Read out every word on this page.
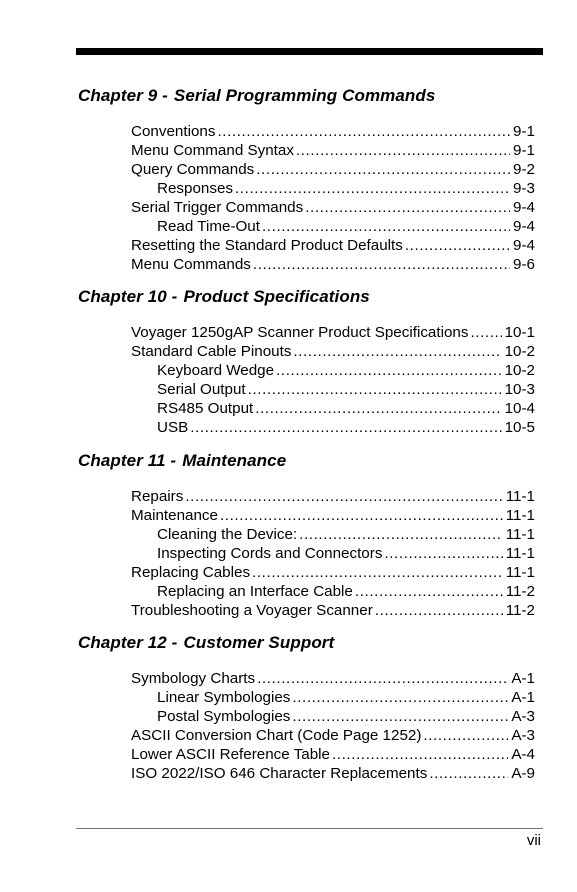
Chapter 9 - Serial Programming Commands
Conventions .....	9-1
Menu Command Syntax .....	9-1
Query Commands .....	9-2
Responses .....	9-3
Serial Trigger Commands .....	9-4
Read Time-Out .....	9-4
Resetting the Standard Product Defaults .....	9-4
Menu Commands .....	9-6
Chapter 10 - Product Specifications
Voyager 1250gAP Scanner Product Specifications ..... 10-1
Standard Cable Pinouts .....	10-2
Keyboard Wedge .....	10-2
Serial Output .....	10-3
RS485 Output .....	10-4
USB .....	10-5
Chapter 11 - Maintenance
Repairs .....	11-1
Maintenance .....	11-1
Cleaning the Device: .....	11-1
Inspecting Cords and Connectors .....	11-1
Replacing Cables .....	11-1
Replacing an Interface Cable .....	11-2
Troubleshooting a Voyager Scanner .....	11-2
Chapter 12 - Customer Support
Symbology Charts .....	A-1
Linear Symbologies .....	A-1
Postal Symbologies .....	A-3
ASCII Conversion Chart (Code Page 1252) .....	A-3
Lower ASCII Reference Table .....	A-4
ISO 2022/ISO 646 Character Replacements .....	A-9
vii
